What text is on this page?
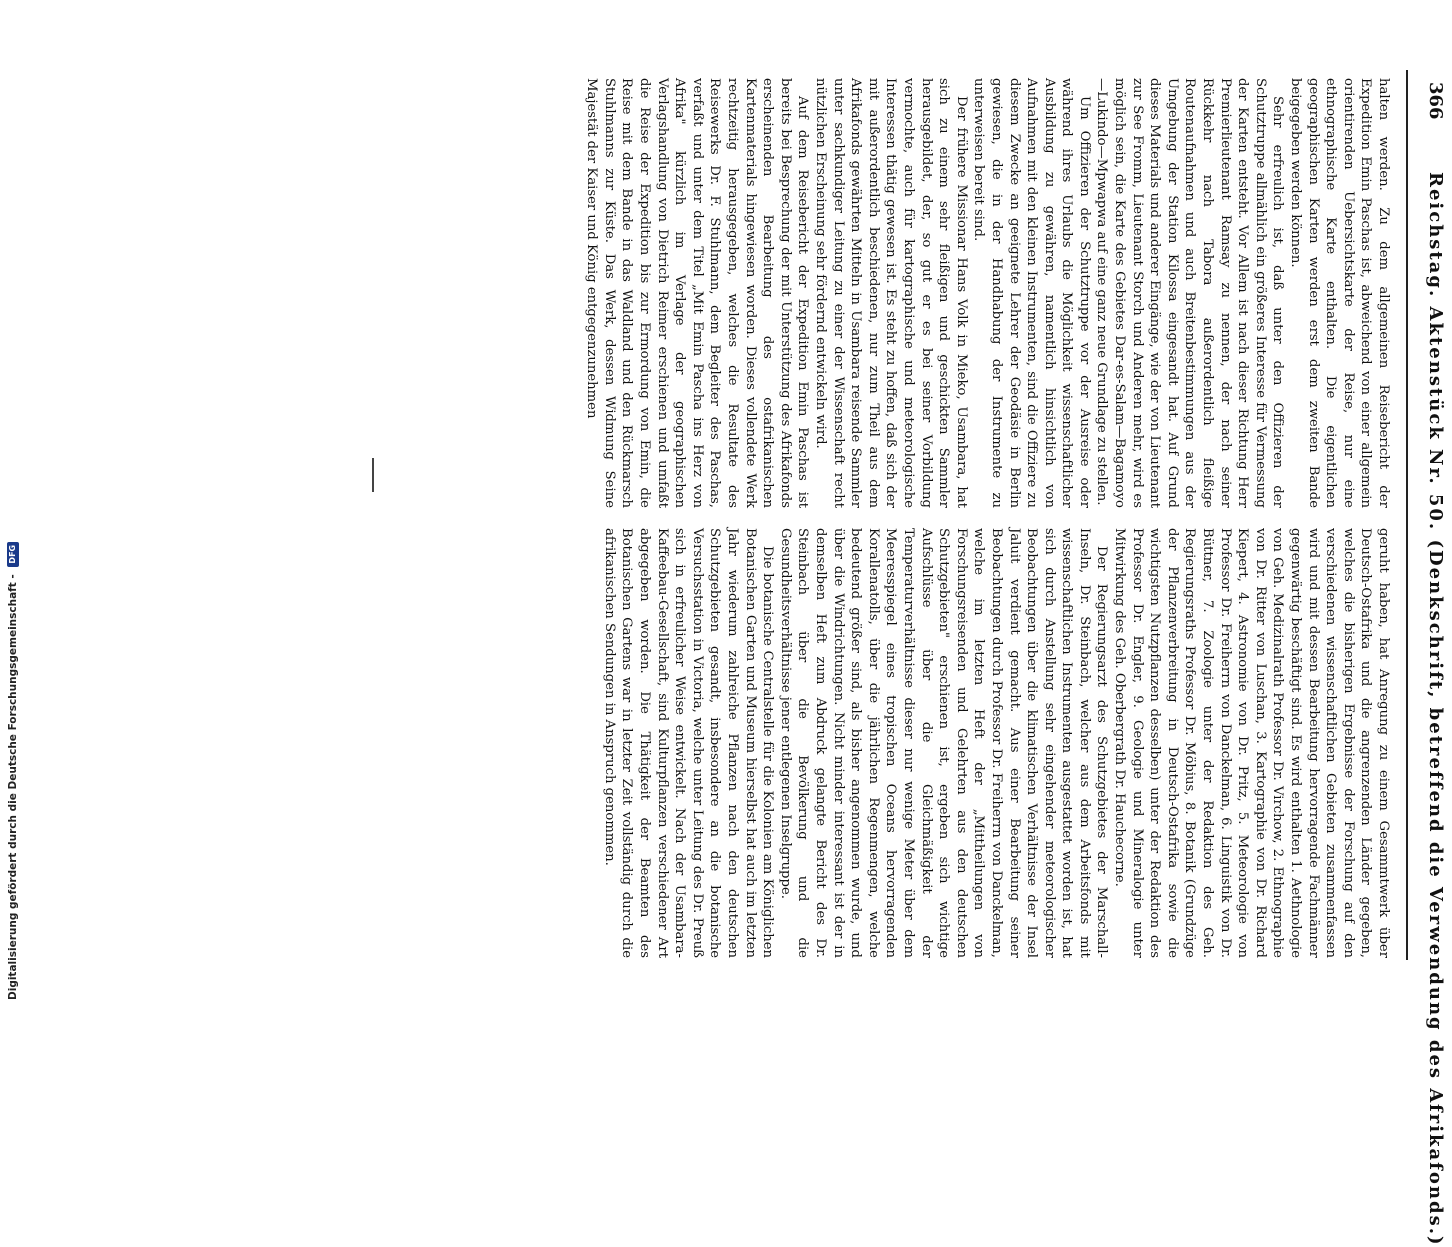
366
Reichstag. Aktenstück Nr. 50. (Denkschrift, betreffend die Verwendung des Afrikafonds.)

halten werden. Zu dem allgemeinen Reisebericht der Expedition Emin Paschas ist, abweichend von einer allgemein orientirenden Uebersichtskarte der Reise, nur eine ethnographische Karte enthalten. Die eigentlichen geographischen Karten werden erst dem zweiten Bande beigegeben werden können.

Sehr erfreulich ist, daß unter den Offizieren der Schutztruppe allmählich ein größeres Interesse für Vermessung der Karten entsteht. Vor Allem ist nach dieser Richtung Herr Premierlieutenant Ramsay zu nennen, der nach seiner Rückkehr nach Tabora außerordentlich fleißige Routenaufnahmen und auch Breitenbestimmungen aus der Umgebung der Station Kilossa eingesandt hat. Auf Grund dieses Materials und anderer Eingänge, wie der von Lieutenant zur See Fromm, Lieutenant Storch und Anderen mehr, wird es möglich sein, die Karte des Gebietes Dar-es-Salam—Bagamoyo—Lukindo—Mpwapwa auf eine ganz neue Grundlage zu stellen.

Um Offizieren der Schutztruppe vor der Ausreise oder während ihres Urlaubs die Möglichkeit wissenschaftlicher Ausbildung zu gewähren, namentlich hinsichtlich von Aufnahmen mit den kleinen Instrumenten, sind die Offiziere zu diesem Zwecke an geeignete Lehrer der Geodäsie in Berlin gewiesen, die in der Handhabung der Instrumente zu unterweisen bereit sind.

Der frühere Missionar Hans Volk in Mieko, Usambara, hat sich zu einem sehr fleißigen und geschickten Sammler herausgebildet, der, so gut er es bei seiner Vorbildung vermochte, auch für kartographische und meteorologische Interessen thätig gewesen ist. Es steht zu hoffen, daß sich der mit außerordentlich beschiedenen, nur zum Theil aus dem Afrikafonds gewährten Mitteln in Usambara reisende Sammler unter sachkundiger Leitung zu einer der Wissenschaft recht nützlichen Erscheinung sehr fördernd entwickeln wird.

Auf dem Reisebericht der Expedition Emin Paschas ist bereits bei Besprechung der mit Unterstützung des Afrikafonds erscheinenden Bearbeitung des ostafrikanischen Kartenmaterials hingewiesen worden. Dieses vollendete Werk rechtzeitig herausgegeben, welches die Resultate des Reisewerks Dr. F. Stuhlmann, dem Begleiter des Paschas, verfaßt und unter dem Titel „Mit Emin Pascha ins Herz von Afrika" kürzlich im Verlage der geographischen Verlagshandlung von Dietrich Reimer erschienen und umfaßt die Reise der Expedition bis zur Ermordung von Emin, die Reise mit dem Bande in das Waldland und den Rückmarsch Stuhlmanns zur Küste. Das Werk, dessen Widmung Seine Majestät der Kaiser und König entgegenzunehmen

geruht haben, hat Anregung zu einem Gesammtwerk über Deutsch-Ostafrika und die angrenzenden Länder gegeben, welches die bisherigen Ergebnisse der Forschung auf den verschiedenen wissenschaftlichen Gebieten zusammenfassen wird und mit dessen Bearbeitung hervorragende Fachmänner gegenwärtig beschäftigt sind. Es wird enthalten 1. Aethnologie von Geh. Medizinalrath Professor Dr. Virchow, 2. Ethnographie von Dr. Ritter von Luschan, 3. Kartographie von Dr. Richard Kiepert, 4. Astronomie von Dr. Pritz, 5. Meteorologie von Professor Dr. Freiherrn von Danckelman, 6. Linguistik von Dr. Büttner, 7. Zoologie unter der Redaktion des Geh. Regierungsraths Professor Dr. Möbius, 8. Botanik (Grundzüge der Pflanzenverbreitung in Deutsch-Ostafrika sowie die wichtigsten Nutzpflanzen desselben) unter der Redaktion des Professor Dr. Engler, 9. Geologie und Mineralogie unter Mitwirkung des Geh. Oberbergrath Dr. Hauchecorne.

Der Regierungsarzt des Schutzgebietes der Marschall-Inseln, Dr. Steinbach, welcher aus dem Arbeitsfonds mit wissenschaftlichen Instrumenten ausgestattet worden ist, hat sich durch Anstellung sehr eingehender meteorologischer Beobachtungen über die klimatischen Verhältnisse der Insel Jaluit verdient gemacht. Aus einer Bearbeitung seiner Beobachtungen durch Professor Dr. Freiherrn von Danckelman, welche im letzten Heft der „Mittheilungen von Forschungsreisenden und Gelehrten aus den deutschen Schutzgebieten" erschienen ist, ergeben sich wichtige Aufschlüsse über die Gleichmäßigkeit der Temperaturverhältnisse dieser nur wenige Meter über dem Meeresspiegel eines tropischen Oceans hervorragenden Korallenatolls, über die jährlichen Regenmengen, welche bedeutend größer sind, als bisher angenommen wurde, und über die Windrichtungen. Nicht minder interessant ist der in demselben Heft zum Abdruck gelangte Bericht des Dr. Steinbach über die Bevölkerung und die Gesundheitsverhältnisse jener entlegenen Inselgruppe.

Die botanische Centralstelle für die Kolonien am Königlichen Botanischen Garten und Museum hierselbst hat auch im letzten Jahr wiederum zahlreiche Pflanzen nach den deutschen Schutzgebieten gesandt, insbesondere an die botanische Versuchsstation in Victoria, welche unter Leitung des Dr. Preuß sich in erfreulicher Weise entwickelt. Nach der Usambara-Kaffeebau-Gesellschaft, sind Kulturpflanzen verschiedener Art abgegeben worden. Die Thätigkeit der Beamten des Botanischen Gartens war in letzter Zeit vollständig durch die afrikanischen Sendungen in Anspruch genommen.

Digitalisierung gefördert durch die Deutsche Forschungsgemeinschaft - DFG
